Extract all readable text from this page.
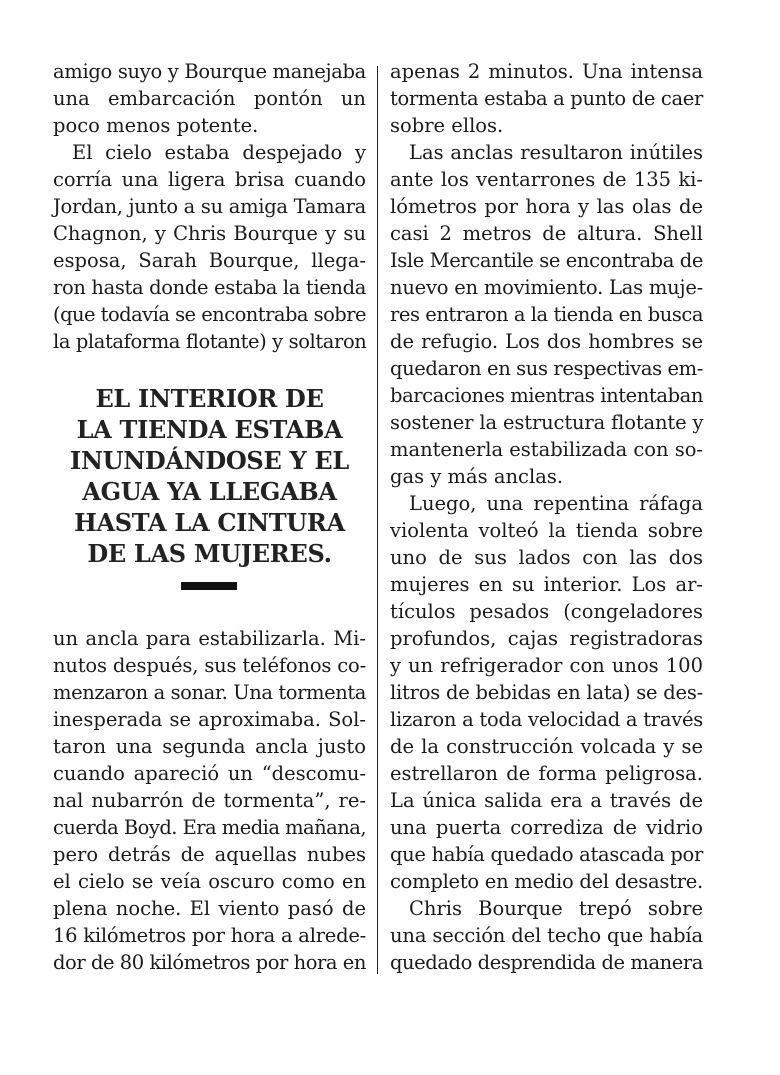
amigo suyo y Bourque manejaba
una embarcación pontón un
poco menos potente.
El cielo estaba despejado y
corría una ligera brisa cuando
Jordan, junto a su amiga Tamara
Chagnon, y Chris Bourque y su
esposa, Sarah Bourque, llega-
ron hasta donde estaba la tienda
(que todavía se encontraba sobre
la plataforma flotante) y soltaron
EL INTERIOR DE
LA TIENDA ESTABA
INUNDÁNDOSE Y EL
AGUA YA LLEGABA
HASTA LA CINTURA
DE LAS MUJERES.
un ancla para estabilizarla. Mi-
nutos después, sus teléfonos co-
menzaron a sonar. Una tormenta
inesperada se aproximaba. Sol-
taron una segunda ancla justo
cuando apareció un “descomu-
nal nubarrón de tormenta”, re-
cuerda Boyd. Era media mañana,
pero detrás de aquellas nubes
el cielo se veía oscuro como en
plena noche. El viento pasó de
16 kilómetros por hora a alrede-
dor de 80 kilómetros por hora en
apenas 2 minutos. Una intensa
tormenta estaba a punto de caer
sobre ellos.
Las anclas resultaron inútiles
ante los ventarrones de 135 ki-
lómetros por hora y las olas de
casi 2 metros de altura. Shell
Isle Mercantile se encontraba de
nuevo en movimiento. Las muje-
res entraron a la tienda en busca
de refugio. Los dos hombres se
quedaron en sus respectivas em-
barcaciones mientras intentaban
sostener la estructura flotante y
mantenerla estabilizada con so-
gas y más anclas.
Luego, una repentina ráfaga
violenta volteó la tienda sobre
uno de sus lados con las dos
mujeres en su interior. Los ar-
tículos pesados (congeladores
profundos, cajas registradoras
y un refrigerador con unos 100
litros de bebidas en lata) se des-
lizaron a toda velocidad a través
de la construcción volcada y se
estrellaron de forma peligrosa.
La única salida era a través de
una puerta corrediza de vidrio
que había quedado atascada por
completo en medio del desastre.
Chris Bourque trepó sobre
una sección del techo que había
quedado desprendida de manera
